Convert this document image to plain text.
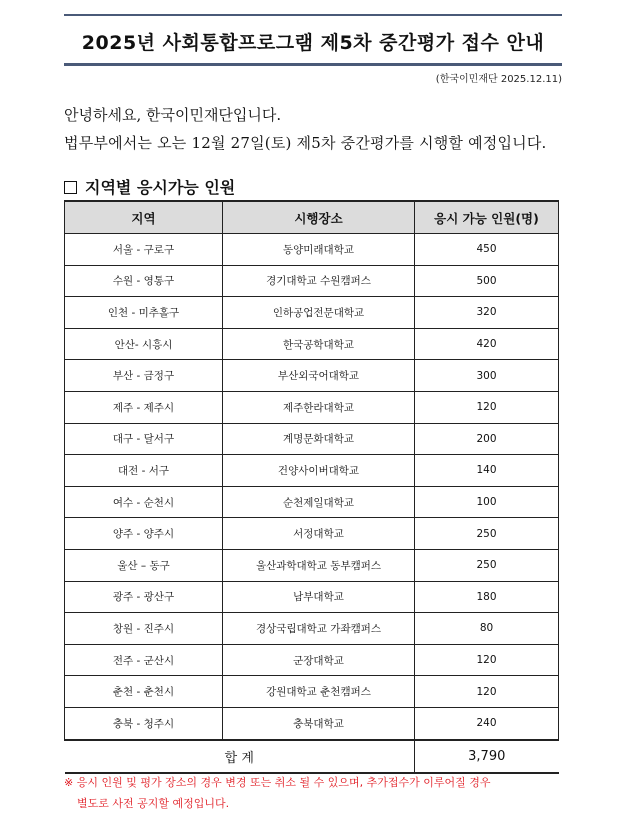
2025년 사회통합프로그램 제5차 중간평가 접수 안내
(한국이민재단 2025.12.11)
안녕하세요, 한국이민재단입니다.
법무부에서는 오는 12월 27일(토) 제5차 중간평가를 시행할 예정입니다.
지역별 응시가능 인원
지역	시행장소	응시 가능 인원(명)
서울 - 구로구	동양미래대학교	450
수원 - 영통구	경기대학교 수원캠퍼스	500
인천 - 미추홀구	인하공업전문대학교	320
안산- 시흥시	한국공학대학교	420
부산 - 금정구	부산외국어대학교	300
제주 - 제주시	제주한라대학교	120
대구 - 달서구	계명문화대학교	200
대전 - 서구	건양사이버대학교	140
여수 - 순천시	순천제일대학교	100
양주 - 양주시	서정대학교	250
울산 – 동구	울산과학대학교 동부캠퍼스	250
광주 - 광산구	남부대학교	180
창원 - 진주시	경상국립대학교 가좌캠퍼스	80
전주 - 군산시	군장대학교	120
춘천 - 춘천시	강원대학교 춘천캠퍼스	120
충북 - 청주시	충북대학교	240
합 계		3,790
※ 응시 인원 및 평가 장소의 경우 변경 또는 취소 될 수 있으며, 추가접수가 이루어질 경우
별도로 사전 공지할 예정입니다.
